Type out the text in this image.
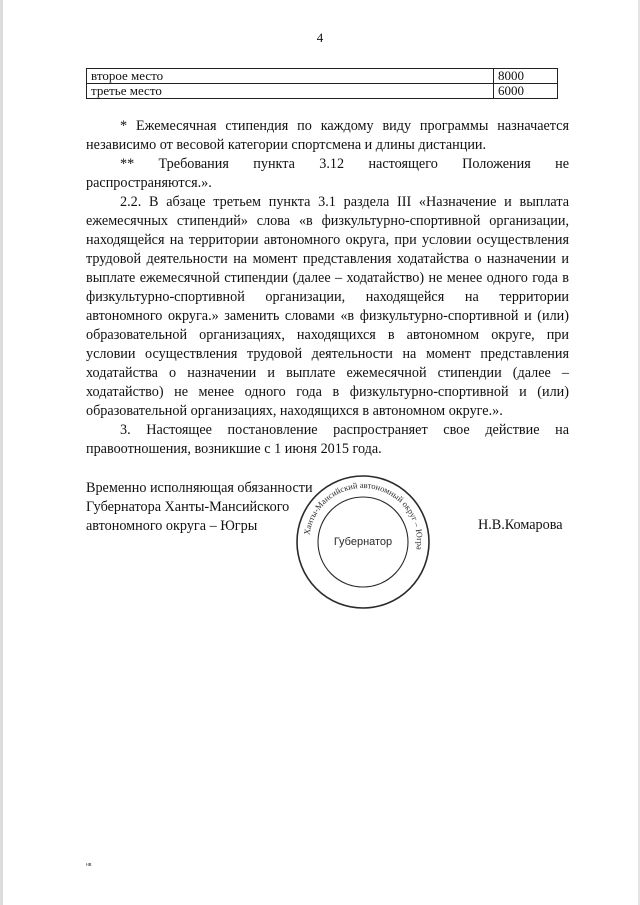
4
второе место	8000
третье место	6000

* Ежемесячная стипендия по каждому виду программы назначается независимо от весовой категории спортсмена и длины дистанции.

** Требования пункта 3.12 настоящего Положения не распространяются.».

2.2. В абзаце третьем пункта 3.1 раздела III «Назначение и выплата ежемесячных стипендий» слова «в физкультурно-спортивной организации, находящейся на территории автономного округа, при условии осуществления трудовой деятельности на момент представления ходатайства о назначении и выплате ежемесячной стипендии (далее – ходатайство) не менее одного года в физкультурно-спортивной организации, находящейся на территории автономного округа.» заменить словами «в физкультурно-спортивной и (или) образовательной организациях, находящихся в автономном округе, при условии осуществления трудовой деятельности на момент представления ходатайства о назначении и выплате ежемесячной стипендии (далее – ходатайство) не менее одного года в физкультурно-спортивной и (или) образовательной организациях, находящихся в автономном округе.».

3. Настоящее постановление распространяет свое действие на правоотношения, возникшие с 1 июня 2015 года.

Временно исполняющая обязанности
Губернатора Ханты-Мансийского
автономного округа – Югры	Н.В.Комарова
Ханты-Мансийский автономный округ – Югра
Губернатор
нв
